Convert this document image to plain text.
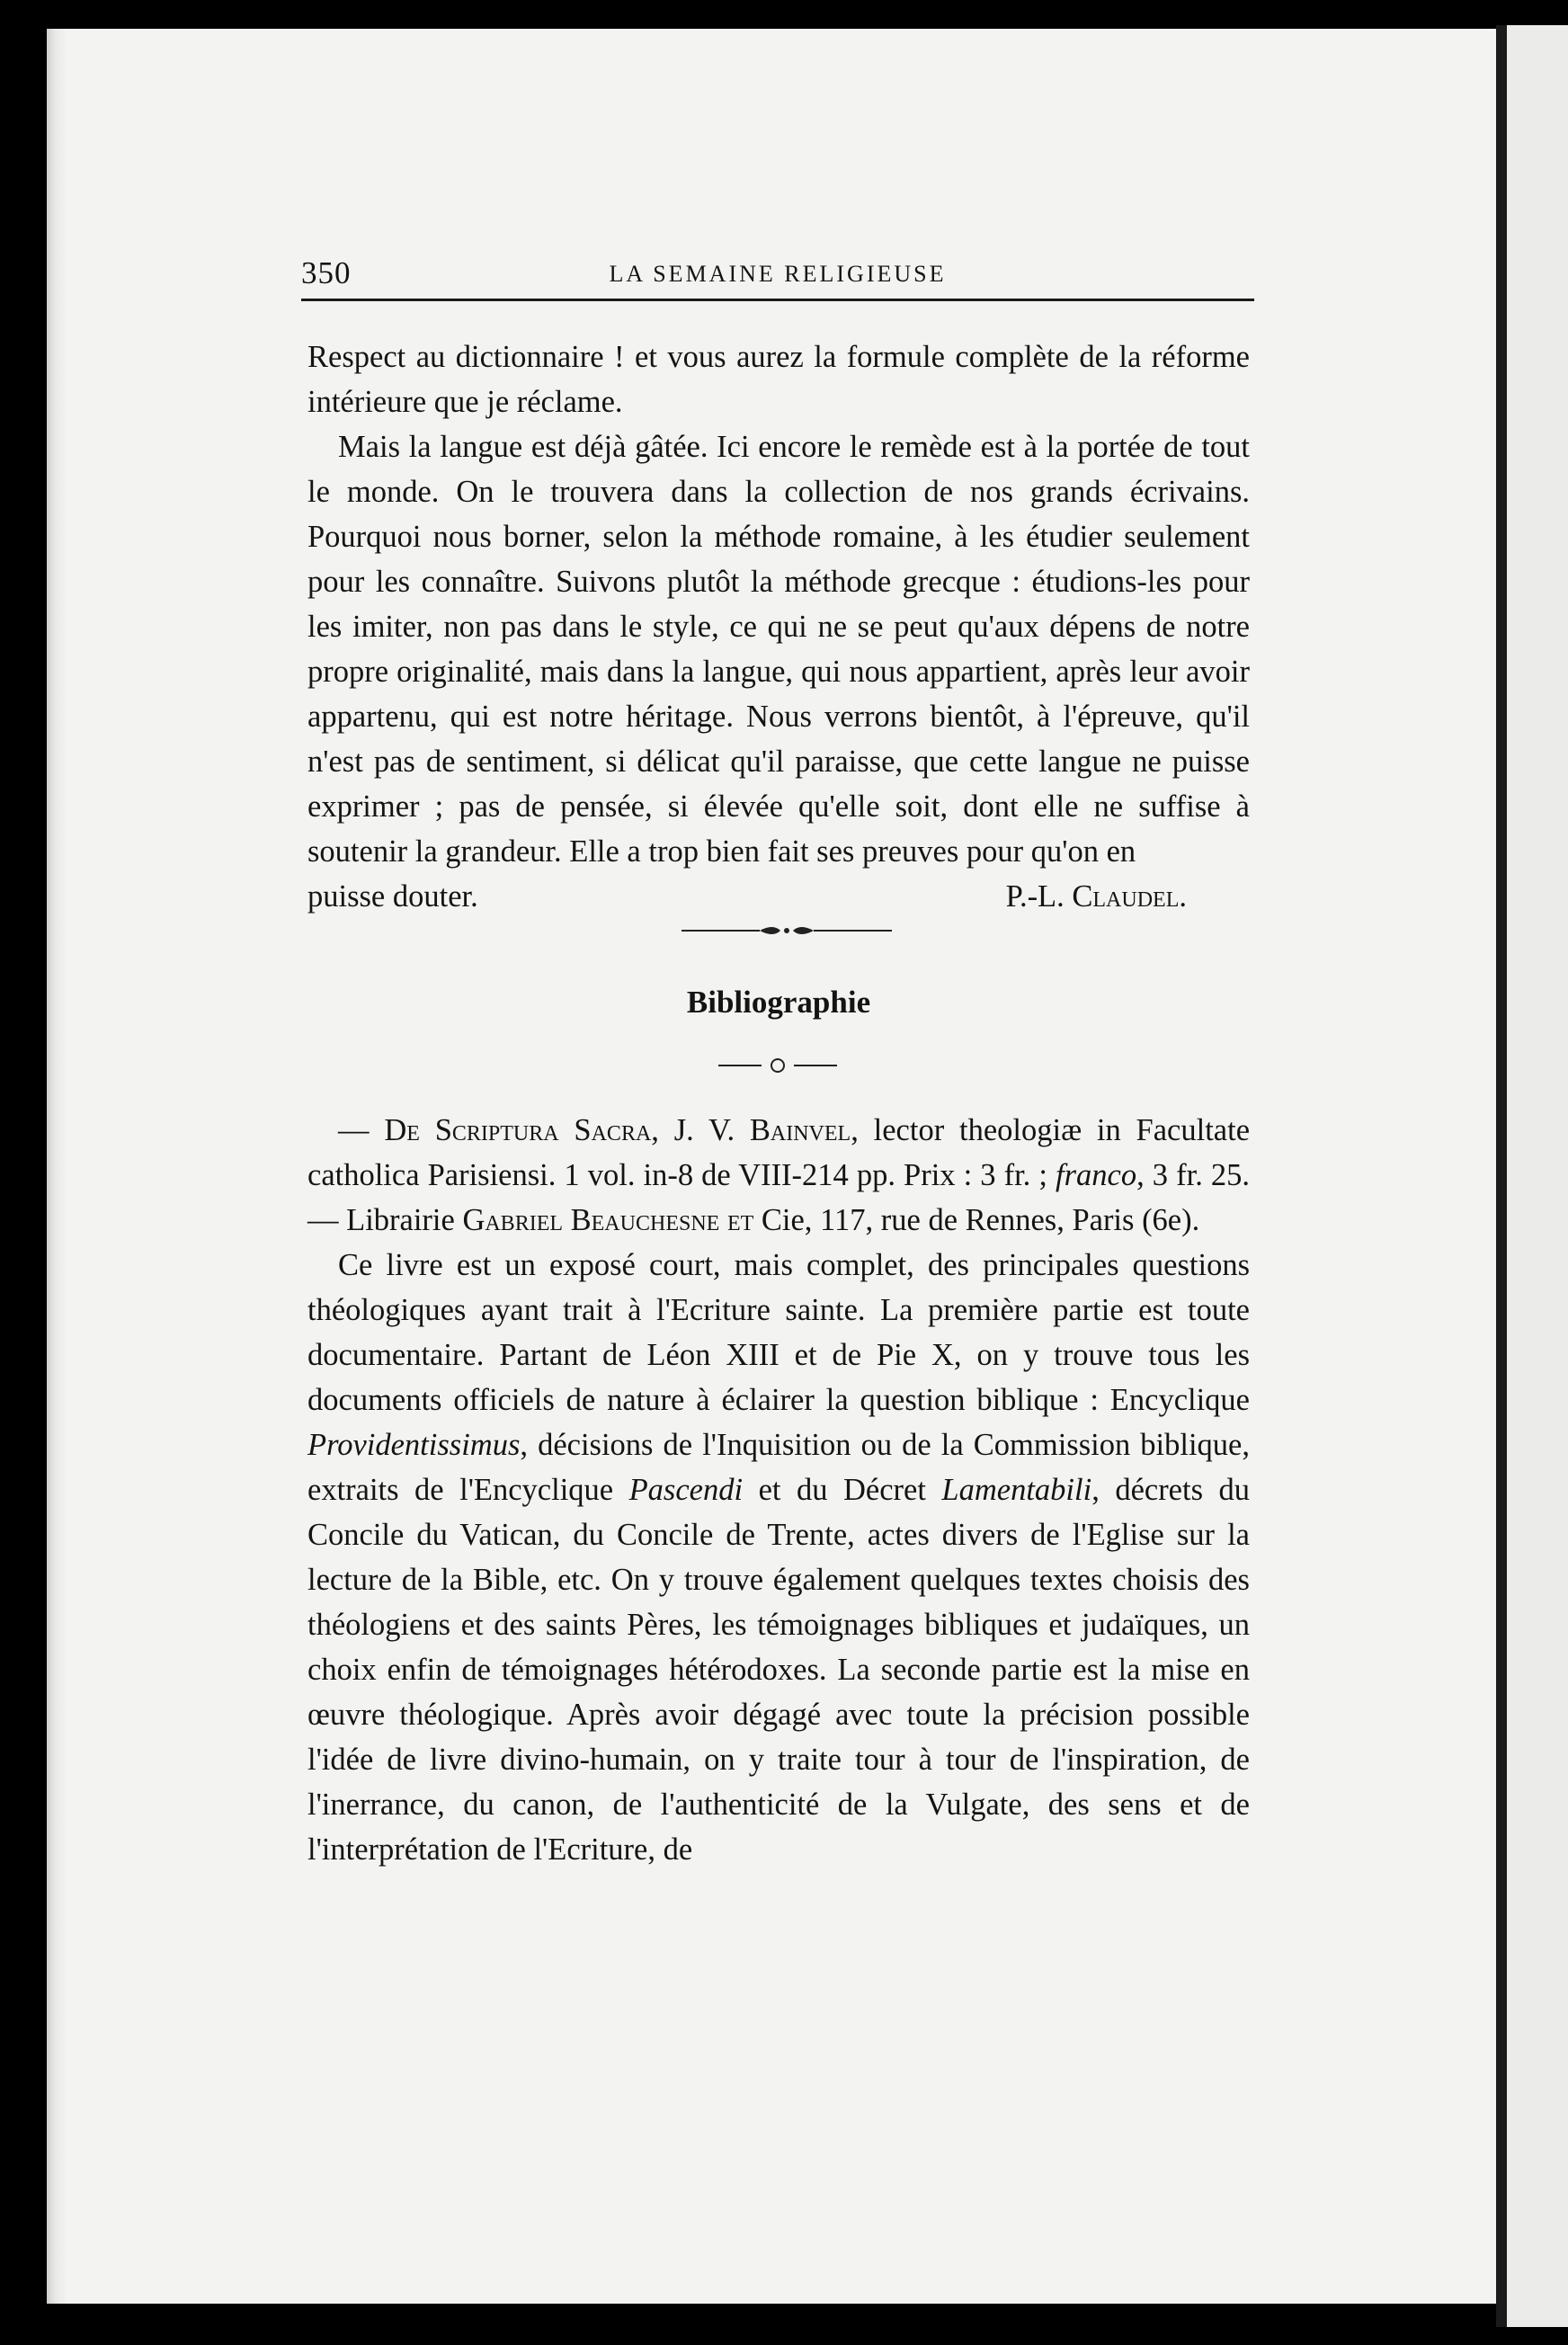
350	LA SEMAINE RELIGIEUSE

Respect au dictionnaire ! et vous aurez la formule complète de la réforme intérieure que je réclame.

Mais la langue est déjà gâtée. Ici encore le remède est à la portée de tout le monde. On le trouvera dans la collection de nos grands écrivains. Pourquoi nous borner, selon la méthode romaine, à les étudier seulement pour les connaître. Suivons plutôt la méthode grecque : étudions-les pour les imiter, non pas dans le style, ce qui ne se peut qu'aux dépens de notre propre originalité, mais dans la langue, qui nous appartient, après leur avoir appartenu, qui est notre héritage. Nous verrons bientôt, à l'épreuve, qu'il n'est pas de sentiment, si délicat qu'il paraisse, que cette langue ne puisse exprimer ; pas de pensée, si élevée qu'elle soit, dont elle ne suffise à soutenir la grandeur. Elle a trop bien fait ses preuves pour qu'on en

puisse douter.	P.-L. Claudel.
Bibliographie

— De Scriptura Sacra, J. V. Bainvel, lector theologiæ in Facultate catholica Parisiensi. 1 vol. in-8 de VIII-214 pp. Prix : 3 fr. ; franco, 3 fr. 25. — Librairie Gabriel Beauchesne et Cie, 117, rue de Rennes, Paris (6e).

Ce livre est un exposé court, mais complet, des principales questions théologiques ayant trait à l'Ecriture sainte. La première partie est toute documentaire. Partant de Léon XIII et de Pie X, on y trouve tous les documents officiels de nature à éclairer la question biblique : Encyclique Providentissimus, décisions de l'Inquisition ou de la Commission biblique, extraits de l'Encyclique Pascendi et du Décret Lamentabili, décrets du Concile du Vatican, du Concile de Trente, actes divers de l'Eglise sur la lecture de la Bible, etc. On y trouve également quelques textes choisis des théologiens et des saints Pères, les témoignages bibliques et judaïques, un choix enfin de témoignages hétérodoxes. La seconde partie est la mise en œuvre théologique. Après avoir dégagé avec toute la précision possible l'idée de livre divino-humain, on y traite tour à tour de l'inspiration, de l'inerrance, du canon, de l'authenticité de la Vulgate, des sens et de l'interprétation de l'Ecriture, de
